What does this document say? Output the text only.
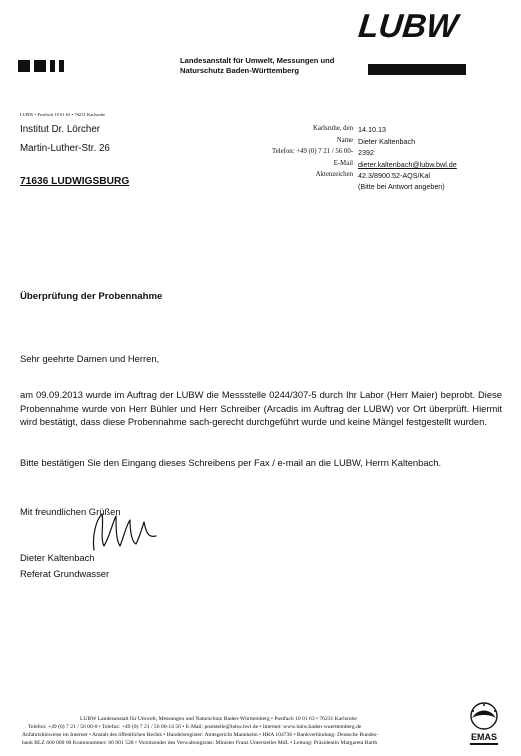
LUBW
Landesanstalt für Umwelt, Messungen und
Naturschutz Baden-Württemberg
LUBW • Postfach 10 01 63 • 76231 Karlsruhe
Institut Dr. Lörcher
Martin-Luther-Str. 26
71636 LUDWIGSBURG
Karlsruhe, den 14.10.13
Name Dieter Kaltenbach
Telefon: +49 (0) 7 21 / 56 00- 2392
E-Mail dieter.kaltenbach@lubw.bwl.de
Aktenzeichen 42.3/8900.52-AQS/Kal
(Bitte bei Antwort angeben)
Überprüfung der Probennahme
Sehr geehrte Damen und Herren,
am 09.09.2013 wurde im Auftrag der LUBW die Messstelle 0244/307-5 durch Ihr Labor (Herr Maier) beprobt. Diese Probennahme wurde von Herr Bühler und Herr Schreiber (Arcadis im Auftrag der LUBW) vor Ort überprüft. Hiermit wird bestätigt, dass diese Probennahme sach-gerecht durchgeführt wurde und keine Mängel festgestellt wurden.
Bitte bestätigen Sie den Eingang dieses Schreibens per Fax / e-mail an die LUBW, Herrn Kaltenbach.
Mit freundlichen Grüßen
Dieter Kaltenbach
Referat Grundwasser
LUBW Landesanstalt für Umwelt, Messungen und Naturschutz Baden-Württemberg • Postfach 10 01 63 • 76231 Karlsruhe
Telefon: +49 (0) 7 21 / 56 00-0 • Telefax: +49 (0) 7 21 / 56 00-14 56 • E-Mail: poststelle@lubw.bwl.de • Internet: www.lubw.baden-wuerttemberg.de
Anfahrtshinweise im Internet • Anstalt des öffentlichen Rechts • Handelsregister: Amtsgericht Mannheim • HRA 104736 • Bankverbindung: Deutsche Bundes-
bank BLZ 660 000 00 Kontonummer: 66 001 528 • Vorsitzender des Verwaltungsrats: Minister Franz Untersteller MdL • Leitung: Präsidentin Margareta Barth
EMAS
